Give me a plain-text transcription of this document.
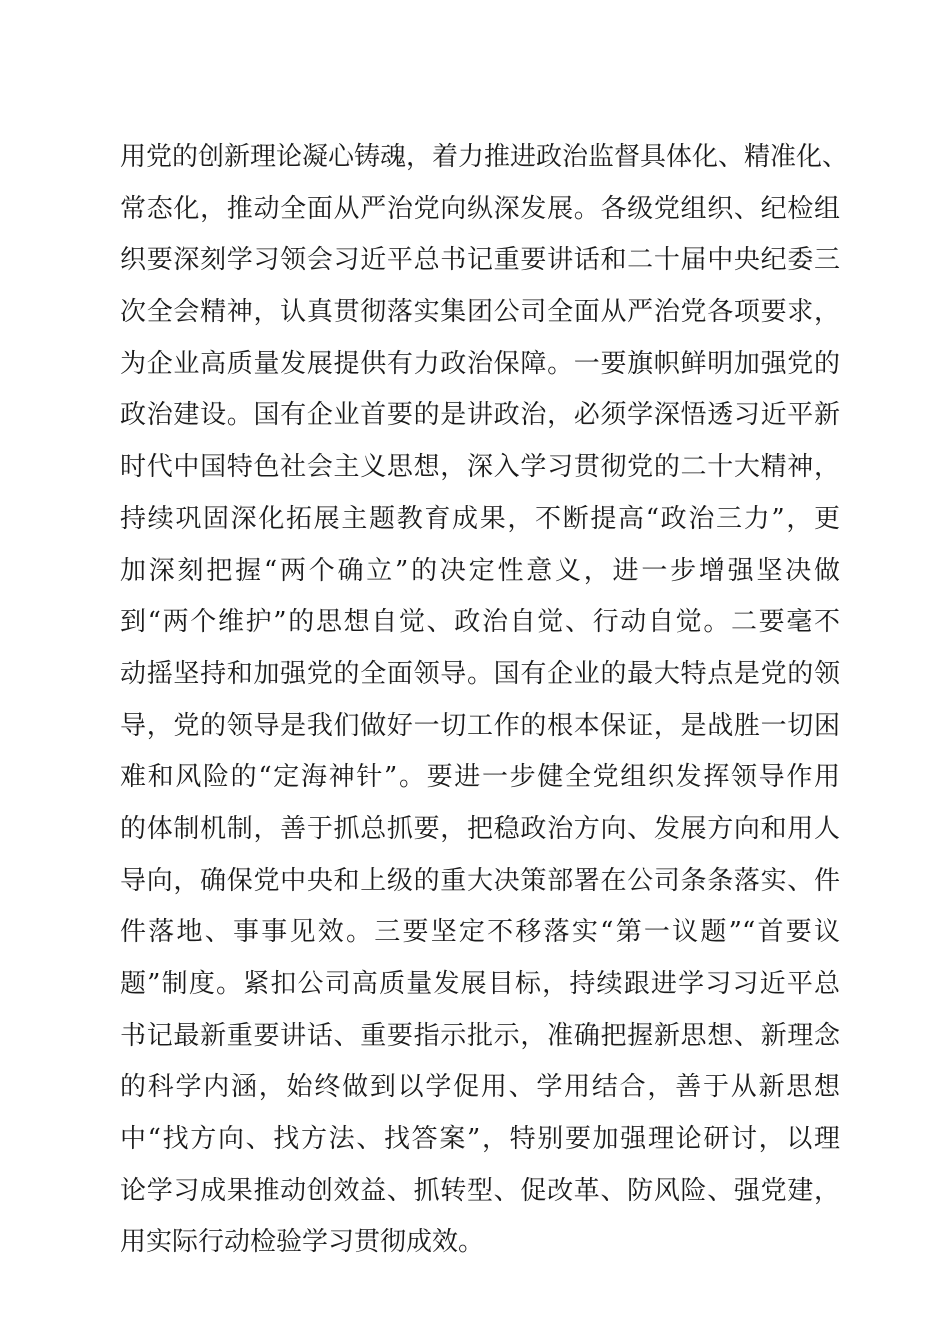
用党的创新理论凝心铸魂，着力推进政治监督具体化、精准化、
常态化，推动全面从严治党向纵深发展。各级党组织、纪检组
织要深刻学习领会习近平总书记重要讲话和二十届中央纪委三
次全会精神，认真贯彻落实集团公司全面从严治党各项要求，
为企业高质量发展提供有力政治保障。一要旗帜鲜明加强党的
政治建设。国有企业首要的是讲政治，必须学深悟透习近平新
时代中国特色社会主义思想，深入学习贯彻党的二十大精神，
持续巩固深化拓展主题教育成果，不断提高“政治三力”，更
加深刻把握“两个确立”的决定性意义，进一步增强坚决做
到“两个维护”的思想自觉、政治自觉、行动自觉。二要毫不
动摇坚持和加强党的全面领导。国有企业的最大特点是党的领
导，党的领导是我们做好一切工作的根本保证，是战胜一切困
难和风险的“定海神针”。要进一步健全党组织发挥领导作用
的体制机制，善于抓总抓要，把稳政治方向、发展方向和用人
导向，确保党中央和上级的重大决策部署在公司条条落实、件
件落地、事事见效。三要坚定不移落实“第一议题”“首要议
题”制度。紧扣公司高质量发展目标，持续跟进学习习近平总
书记最新重要讲话、重要指示批示，准确把握新思想、新理念
的科学内涵，始终做到以学促用、学用结合，善于从新思想
中“找方向、找方法、找答案”，特别要加强理论研讨，以理
论学习成果推动创效益、抓转型、促改革、防风险、强党建，
用实际行动检验学习贯彻成效。
